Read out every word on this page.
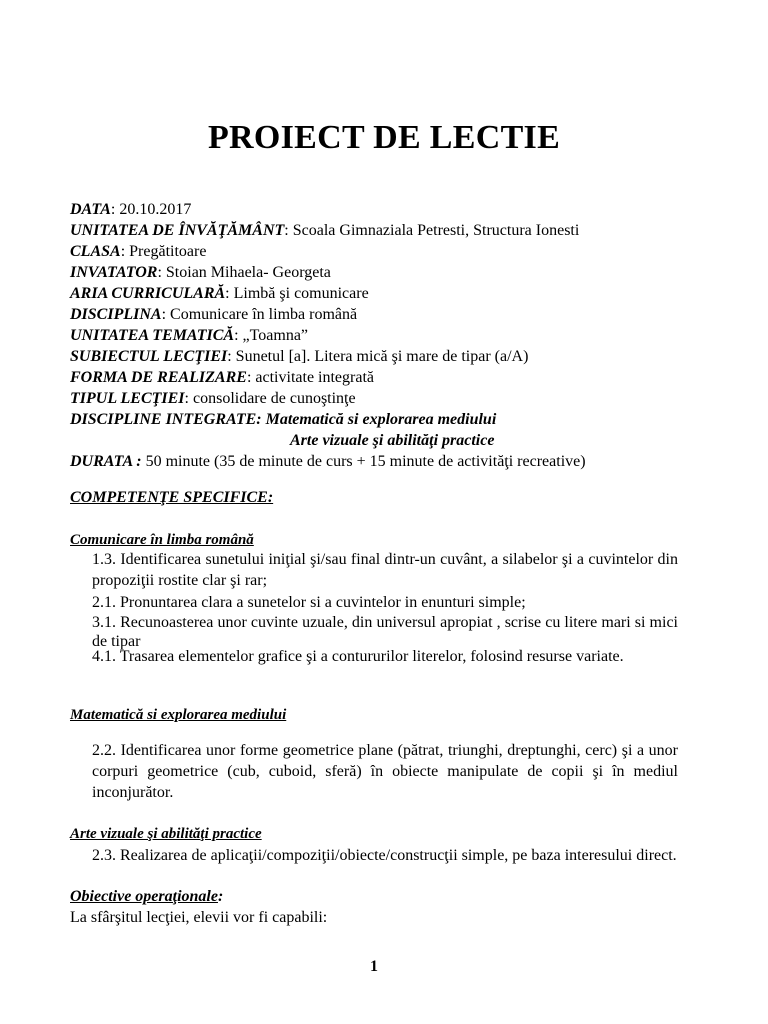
PROIECT DE LECTIE
DATA: 20.10.2017
UNITATEA DE ÎNVĂŢĂMÂNT: Scoala Gimnaziala Petresti, Structura Ionesti
CLASA: Pregătitoare
INVATATOR: Stoian Mihaela- Georgeta
ARIA CURRICULARĂ: Limbă şi comunicare
DISCIPLINA: Comunicare în limba română
UNITATEA TEMATICĂ: „Toamna”
SUBIECTUL LECŢIEI: Sunetul [a]. Litera mică şi mare de tipar (a/A)
FORMA DE REALIZARE: activitate integrată
TIPUL LECŢIEI: consolidare de cunoştinţe
DISCIPLINE INTEGRATE: Matematică si explorarea mediului
Arte vizuale şi abilităţi practice
DURATA : 50 minute (35 de minute de curs + 15 minute de activităţi recreative)
COMPETENŢE SPECIFICE:
Comunicare în limba română
1.3. Identificarea sunetului iniţial şi/sau final dintr-un cuvânt, a silabelor şi a cuvintelor din propoziţii rostite clar şi rar;
2.1. Pronuntarea clara a sunetelor si a cuvintelor in enunturi simple;
3.1. Recunoasterea unor cuvinte uzuale, din universul apropiat , scrise cu litere mari si mici de tipar
4.1. Trasarea elementelor grafice şi a contururilor literelor, folosind resurse variate.
Matematică si explorarea mediului
2.2. Identificarea unor forme geometrice plane (pătrat, triunghi, dreptunghi, cerc) şi a unor corpuri geometrice (cub, cuboid, sferă) în obiecte manipulate de copii şi în mediul inconjurător.
Arte vizuale şi abilităţi practice
2.3. Realizarea de aplicaţii/compoziţii/obiecte/construcţii simple, pe baza interesului direct.
Obiective operaţionale:
La sfârşitul lecţiei, elevii vor fi capabili:
1
